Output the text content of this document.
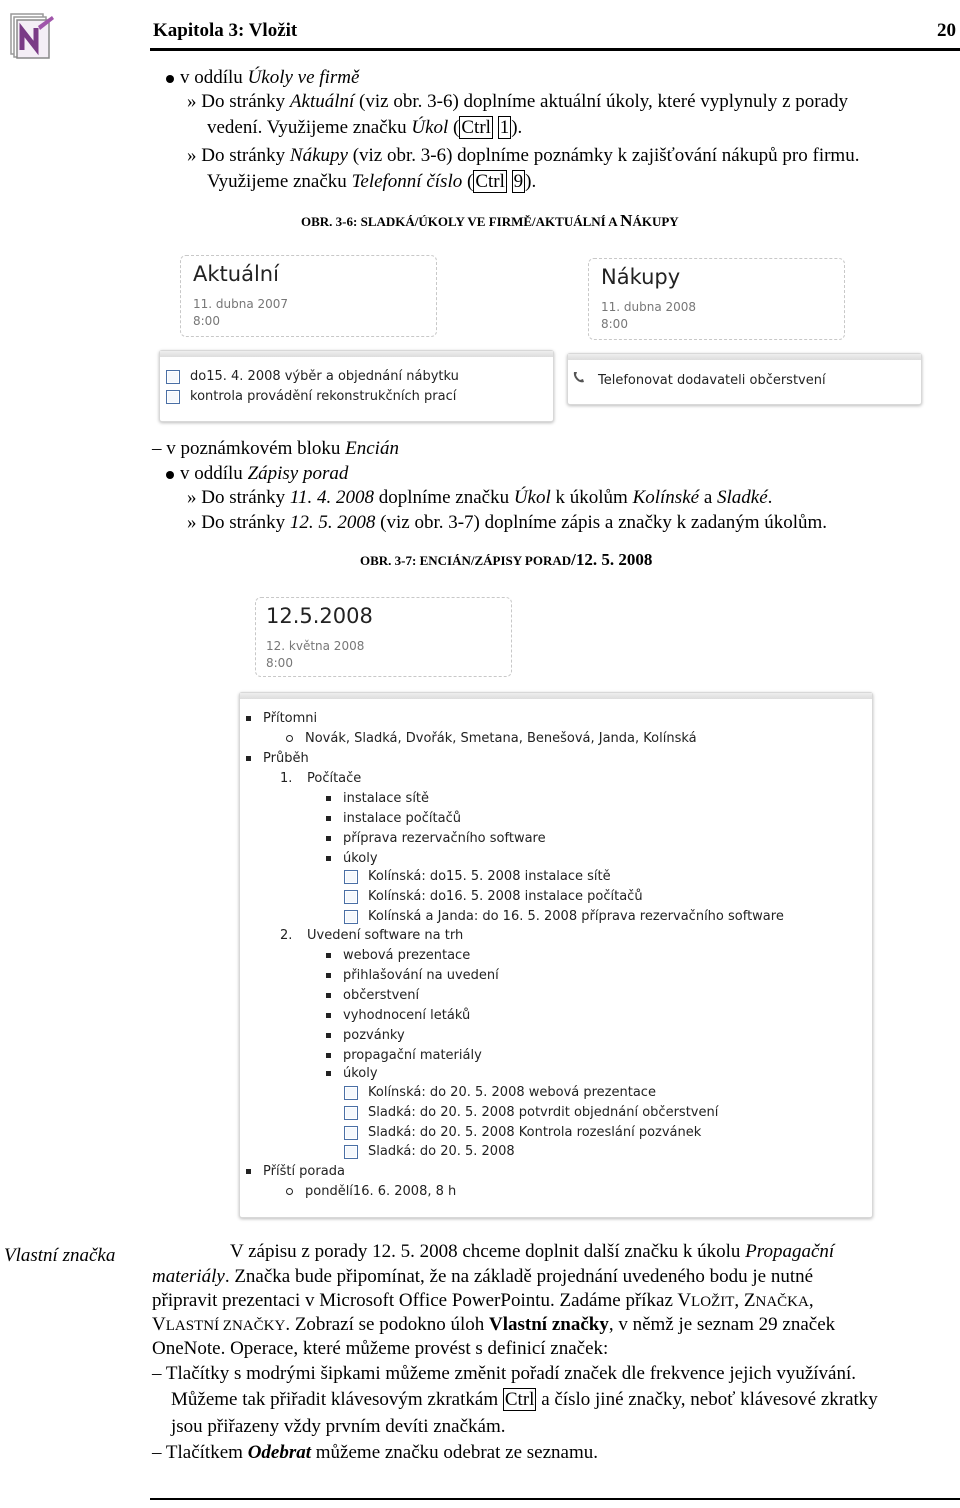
Kapitola 3: Vložit	20
v oddílu Úkoly ve firmě
» Do stránky Aktuální (viz obr. 3-6) doplníme aktuální úkoly, které vyplynuly z porady
vedení. Využijeme značku Úkol ( Ctrl 1 ).
» Do stránky Nákupy (viz obr. 3-6) doplníme poznámky k zajišťování nákupů pro firmu.
Využijeme značku Telefonní číslo ( Ctrl 9 ).
OBR. 3-6: SLADKÁ/ÚKOLY VE FIRMĚ/AKTUÁLNÍ A NÁKUPY
Aktuální
11. dubna 2007
8:00
Nákupy
11. dubna 2008
8:00
do15. 4. 2008 výběr a objednání nábytku
kontrola provádění rekonstrukčních prací
Telefonovat dodavateli občerstvení
– v poznámkovém bloku Encián
v oddílu Zápisy porad
» Do stránky 11. 4. 2008 doplníme značku Úkol k úkolům Kolínské a Sladké.
» Do stránky 12. 5. 2008 (viz obr. 3-7) doplníme zápis a značky k zadaným úkolům.
OBR. 3-7: ENCIÁN/ZÁPISY PORAD/12. 5. 2008
12.5.2008
12. května 2008
8:00
Přítomni
Novák, Sladká, Dvořák, Smetana, Benešová, Janda, Kolínská
Průběh
1. Počítače
instalace sítě
instalace počítačů
příprava rezervačního software
úkoly
Kolínská: do15. 5. 2008 instalace sítě
Kolínská: do16. 5. 2008 instalace počítačů
Kolínská a Janda: do 16. 5. 2008 příprava rezervačního software
2. Uvedení software na trh
webová prezentace
přihlašování na uvedení
občerstvení
vyhodnocení letáků
pozvánky
propagační materiály
úkoly
Kolínská: do 20. 5. 2008 webová prezentace
Sladká: do 20. 5. 2008 potvrdit objednání občerstvení
Sladká: do 20. 5. 2008 Kontrola rozeslání pozvánek
Sladká: do 20. 5. 2008
Příští porada
pondělí16. 6. 2008, 8 h
Vlastní značka	V zápisu z porady 12. 5. 2008 chceme doplnit další značku k úkolu Propagační
materiály. Značka bude připomínat, že na základě projednání uvedeného bodu je nutné
připravit prezentaci v Microsoft Office PowerPointu. Zadáme příkaz VLOŽIT, ZNAČKA,
VLASTNÍ ZNAČKY. Zobrazí se podokno úloh Vlastní značky, v němž je seznam 29 značek
OneNote. Operace, které můžeme provést s definicí značek:
– Tlačítky s modrými šipkami můžeme změnit pořadí značek dle frekvence jejich využívání.
Můžeme tak přiřadit klávesovým zkratkám Ctrl a číslo jiné značky, neboť klávesové zkratky
jsou přiřazeny vždy prvním devíti značkám.
– Tlačítkem Odebrat můžeme značku odebrat ze seznamu.
